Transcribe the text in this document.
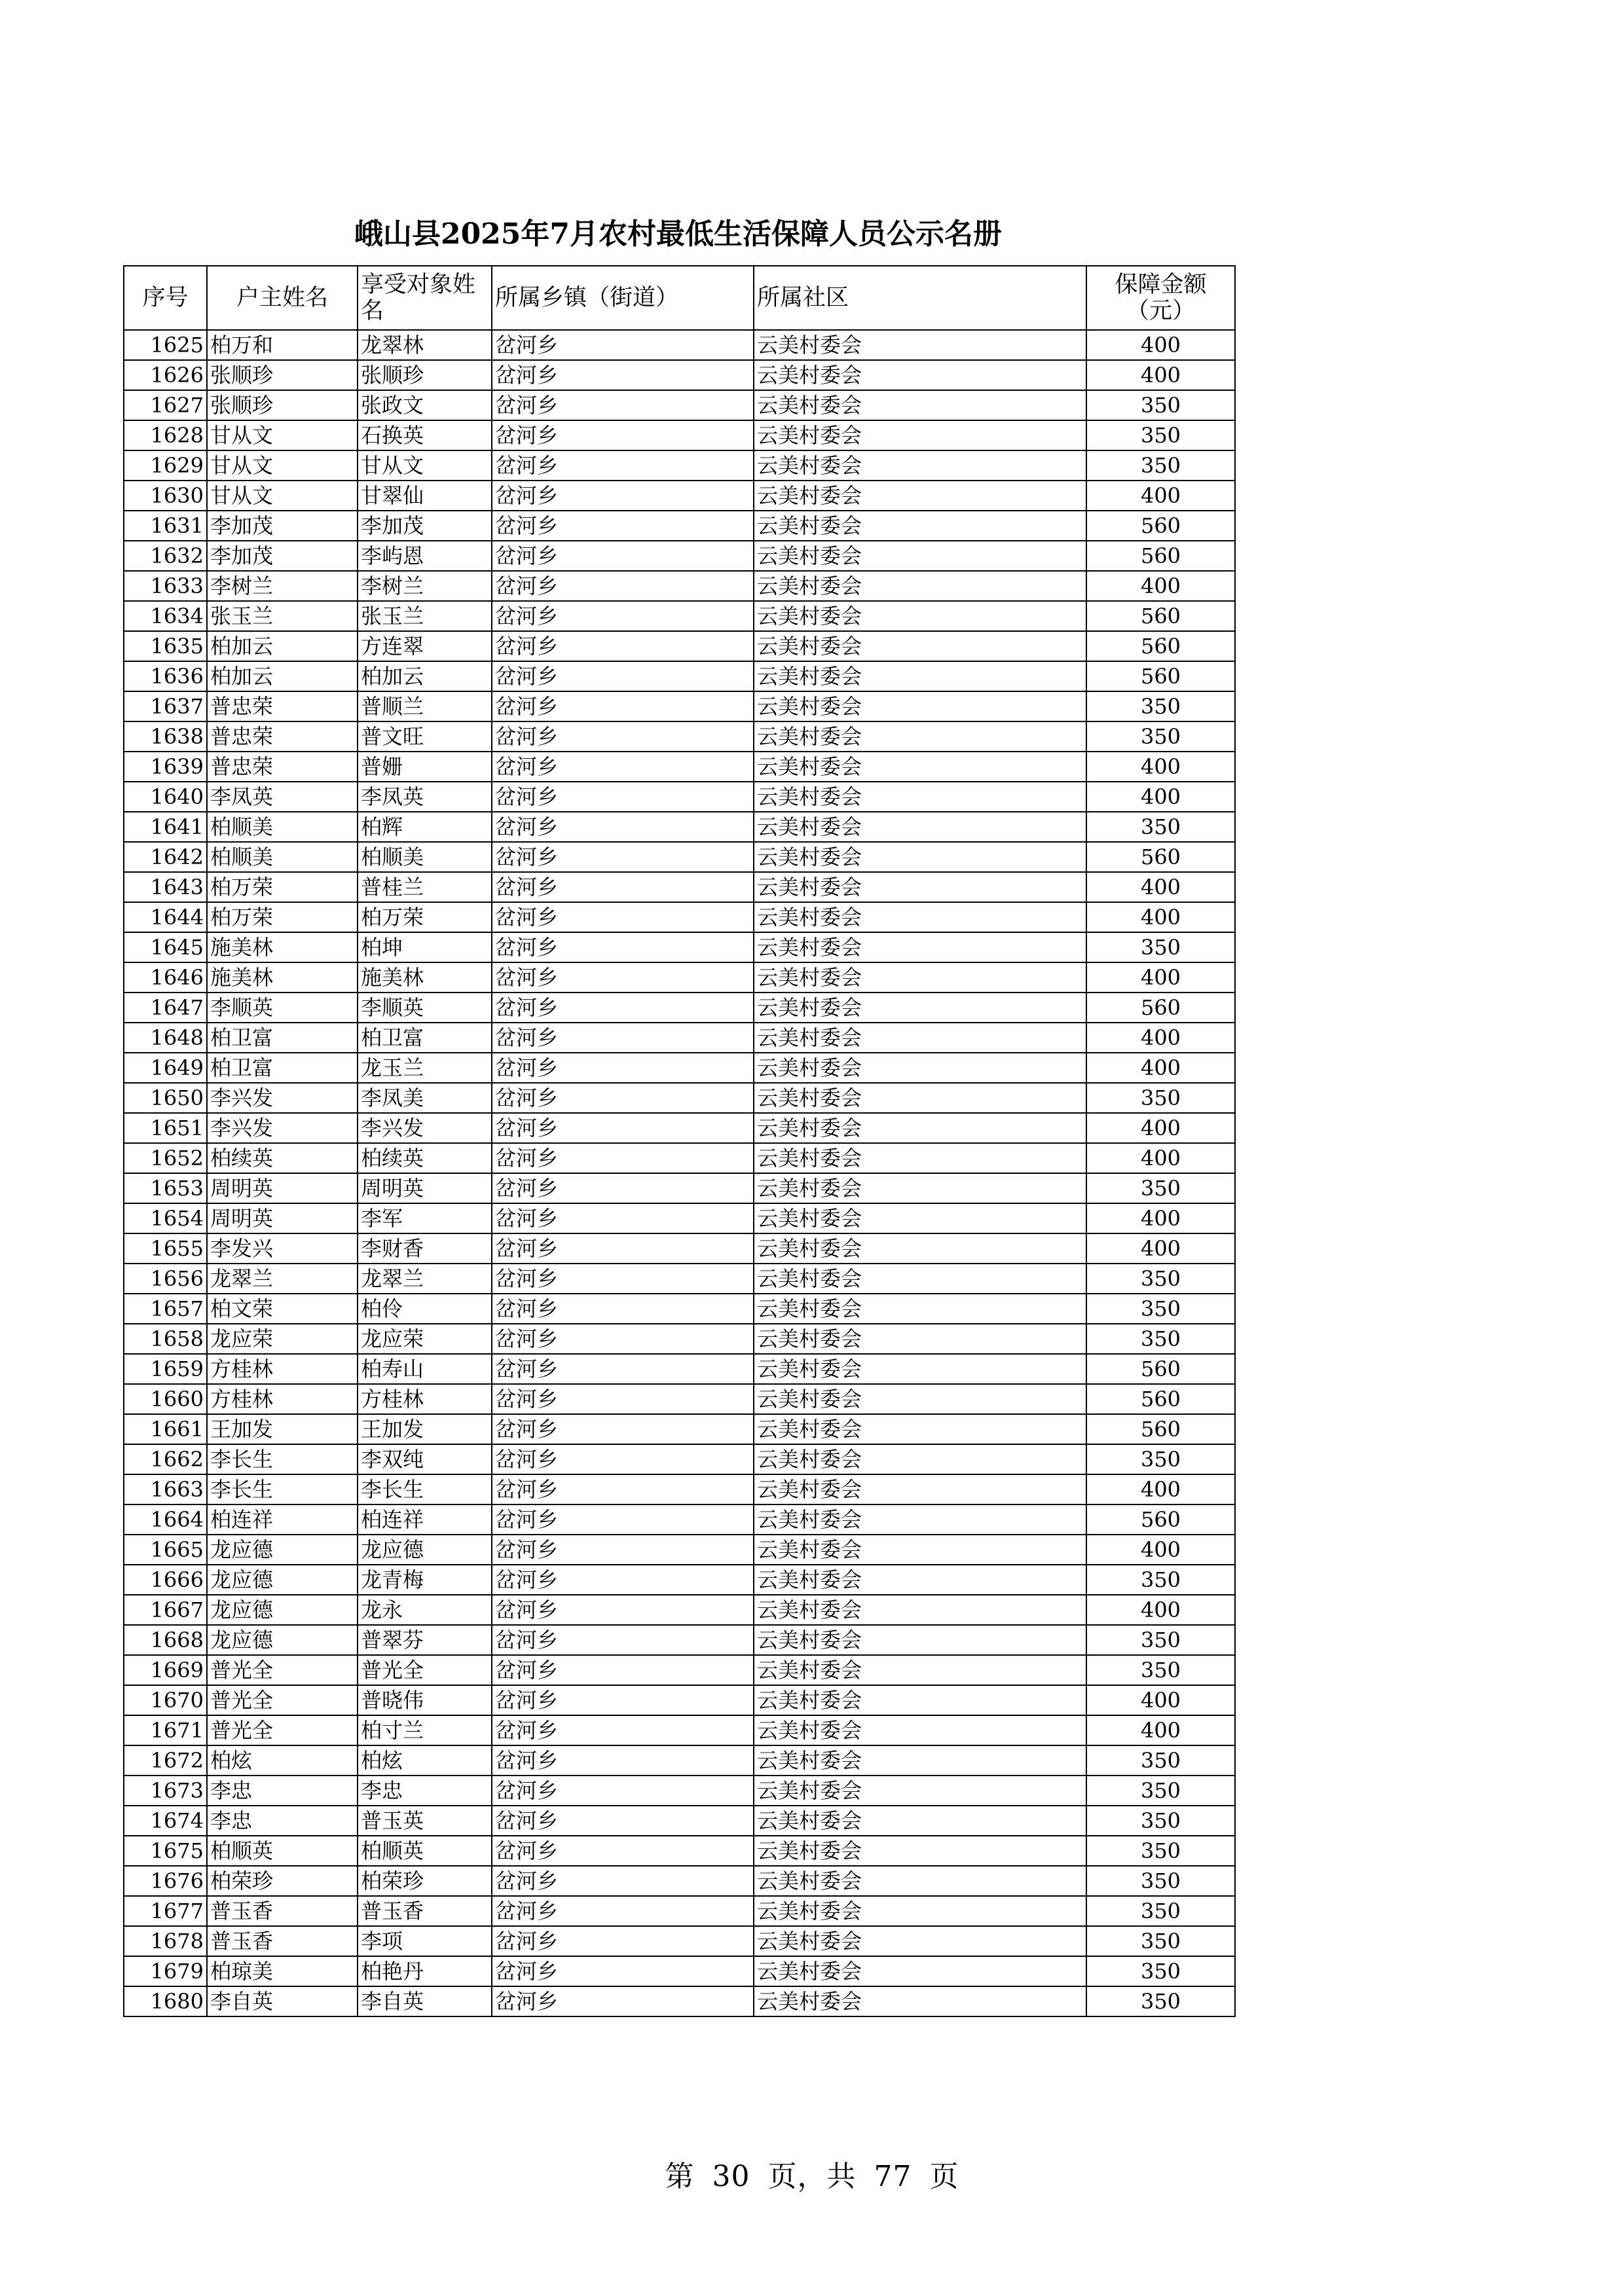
峨山县2025年7月农村最低生活保障人员公示名册
序号	户主姓名	享受对象姓名	所属乡镇（街道）	所属社区	保障金额（元）
1625	柏万和	龙翠林	岔河乡	云美村委会	400
1626	张顺珍	张顺珍	岔河乡	云美村委会	400
1627	张顺珍	张政文	岔河乡	云美村委会	350
1628	甘从文	石换英	岔河乡	云美村委会	350
1629	甘从文	甘从文	岔河乡	云美村委会	350
1630	甘从文	甘翠仙	岔河乡	云美村委会	400
1631	李加茂	李加茂	岔河乡	云美村委会	560
1632	李加茂	李屿恩	岔河乡	云美村委会	560
1633	李树兰	李树兰	岔河乡	云美村委会	400
1634	张玉兰	张玉兰	岔河乡	云美村委会	560
1635	柏加云	方连翠	岔河乡	云美村委会	560
1636	柏加云	柏加云	岔河乡	云美村委会	560
1637	普忠荣	普顺兰	岔河乡	云美村委会	350
1638	普忠荣	普文旺	岔河乡	云美村委会	350
1639	普忠荣	普姗	岔河乡	云美村委会	400
1640	李凤英	李凤英	岔河乡	云美村委会	400
1641	柏顺美	柏辉	岔河乡	云美村委会	350
1642	柏顺美	柏顺美	岔河乡	云美村委会	560
1643	柏万荣	普桂兰	岔河乡	云美村委会	400
1644	柏万荣	柏万荣	岔河乡	云美村委会	400
1645	施美林	柏坤	岔河乡	云美村委会	350
1646	施美林	施美林	岔河乡	云美村委会	400
1647	李顺英	李顺英	岔河乡	云美村委会	560
1648	柏卫富	柏卫富	岔河乡	云美村委会	400
1649	柏卫富	龙玉兰	岔河乡	云美村委会	400
1650	李兴发	李凤美	岔河乡	云美村委会	350
1651	李兴发	李兴发	岔河乡	云美村委会	400
1652	柏续英	柏续英	岔河乡	云美村委会	400
1653	周明英	周明英	岔河乡	云美村委会	350
1654	周明英	李军	岔河乡	云美村委会	400
1655	李发兴	李财香	岔河乡	云美村委会	400
1656	龙翠兰	龙翠兰	岔河乡	云美村委会	350
1657	柏文荣	柏伶	岔河乡	云美村委会	350
1658	龙应荣	龙应荣	岔河乡	云美村委会	350
1659	方桂林	柏寿山	岔河乡	云美村委会	560
1660	方桂林	方桂林	岔河乡	云美村委会	560
1661	王加发	王加发	岔河乡	云美村委会	560
1662	李长生	李双纯	岔河乡	云美村委会	350
1663	李长生	李长生	岔河乡	云美村委会	400
1664	柏连祥	柏连祥	岔河乡	云美村委会	560
1665	龙应德	龙应德	岔河乡	云美村委会	400
1666	龙应德	龙青梅	岔河乡	云美村委会	350
1667	龙应德	龙永	岔河乡	云美村委会	400
1668	龙应德	普翠芬	岔河乡	云美村委会	350
1669	普光全	普光全	岔河乡	云美村委会	350
1670	普光全	普晓伟	岔河乡	云美村委会	400
1671	普光全	柏寸兰	岔河乡	云美村委会	400
1672	柏炫	柏炫	岔河乡	云美村委会	350
1673	李忠	李忠	岔河乡	云美村委会	350
1674	李忠	普玉英	岔河乡	云美村委会	350
1675	柏顺英	柏顺英	岔河乡	云美村委会	350
1676	柏荣珍	柏荣珍	岔河乡	云美村委会	350
1677	普玉香	普玉香	岔河乡	云美村委会	350
1678	普玉香	李项	岔河乡	云美村委会	350
1679	柏琼美	柏艳丹	岔河乡	云美村委会	350
1680	李自英	李自英	岔河乡	云美村委会	350
第 30 页，共 77 页
